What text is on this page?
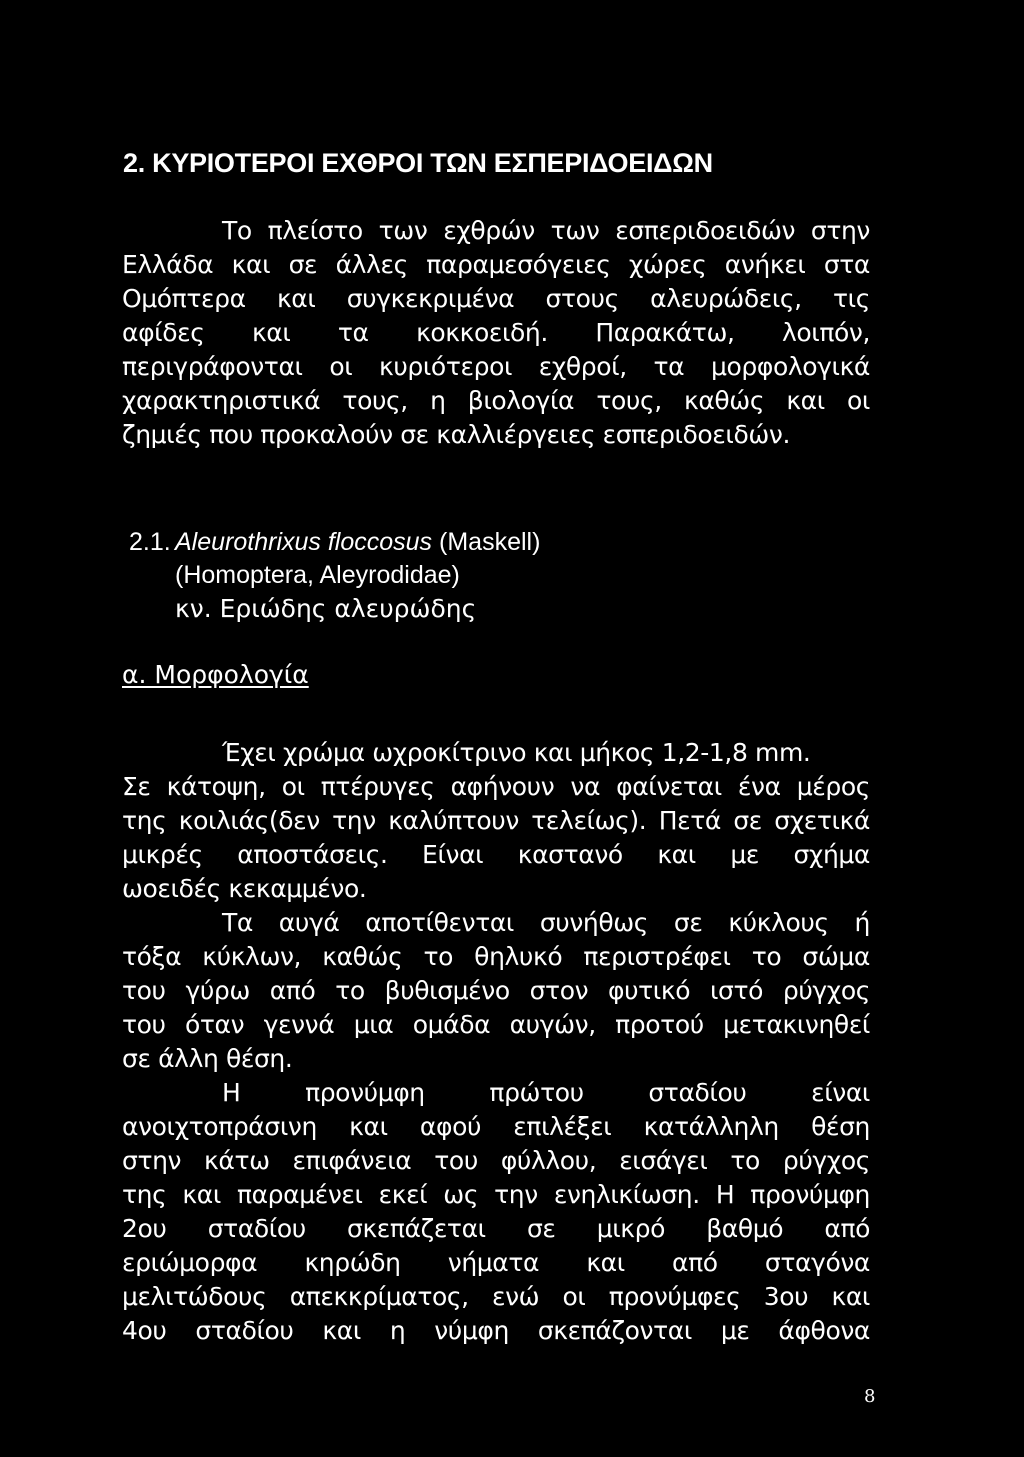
2. ΚΥΡΙΟΤΕΡΟΙ ΕΧΘΡΟΙ ΤΩΝ ΕΣΠΕΡΙΔΟΕΙΔΩΝ
Το πλείστο των εχθρών των εσπεριδοειδών στην
Ελλάδα και σε άλλες παραμεσόγειες χώρες ανήκει στα
Ομόπτερα και συγκεκριμένα στους αλευρώδεις, τις
αφίδες και τα κοκκοειδή. Παρακάτω, λοιπόν,
περιγράφονται οι κυριότεροι εχθροί, τα μορφολογικά
χαρακτηριστικά τους, η βιολογία τους, καθώς και οι
ζημιές που προκαλούν σε καλλιέργειες εσπεριδοειδών.
2.1. Aleurothrixus floccosus (Maskell)
(Homoptera, Aleyrodidae)
κν. Εριώδης αλευρώδης
α. Μορφολογία
Έχει χρώμα ωχροκίτρινο και μήκος 1,2-1,8 mm.
Σε κάτοψη, οι πτέρυγες αφήνουν να φαίνεται ένα μέρος
της κοιλιάς(δεν την καλύπτουν τελείως). Πετά σε σχετικά
μικρές αποστάσεις. Είναι καστανό και με σχήμα
ωοειδές κεκαμμένο.
Τα αυγά αποτίθενται συνήθως σε κύκλους ή
τόξα κύκλων, καθώς το θηλυκό περιστρέφει το σώμα
του γύρω από το βυθισμένο στον φυτικό ιστό ρύγχος
του όταν γεννά μια ομάδα αυγών, προτού μετακινηθεί
σε άλλη θέση.
Η προνύμφη πρώτου σταδίου είναι
ανοιχτοπράσινη και αφού επιλέξει κατάλληλη θέση
στην κάτω επιφάνεια του φύλλου, εισάγει το ρύγχος
της και παραμένει εκεί ως την ενηλικίωση. Η προνύμφη
2ου σταδίου σκεπάζεται σε μικρό βαθμό από
εριώμορφα κηρώδη νήματα και από σταγόνα
μελιτώδους απεκκρίματος, ενώ οι προνύμφες 3ου και
4ου σταδίου και η νύμφη σκεπάζονται με άφθονα
8
